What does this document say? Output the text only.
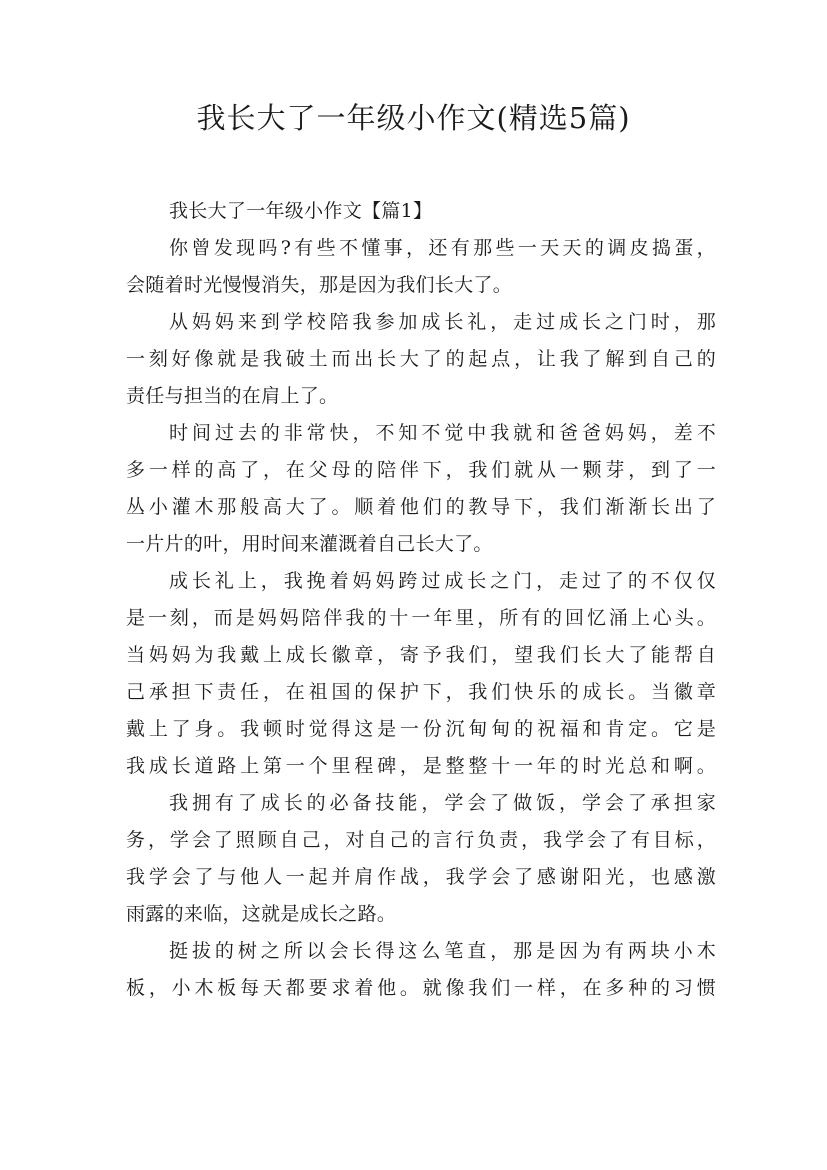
我长大了一年级小作文(精选5篇)
我长大了一年级小作文【篇1】
你曾发现吗?有些不懂事，还有那些一天天的调皮捣蛋，
会随着时光慢慢消失，那是因为我们长大了。
从妈妈来到学校陪我参加成长礼，走过成长之门时，那
一刻好像就是我破土而出长大了的起点，让我了解到自己的
责任与担当的在肩上了。
时间过去的非常快，不知不觉中我就和爸爸妈妈，差不
多一样的高了，在父母的陪伴下，我们就从一颗芽，到了一
丛小灌木那般高大了。顺着他们的教导下，我们渐渐长出了
一片片的叶，用时间来灌溉着自己长大了。
成长礼上，我挽着妈妈跨过成长之门，走过了的不仅仅
是一刻，而是妈妈陪伴我的十一年里，所有的回忆涌上心头。
当妈妈为我戴上成长徽章，寄予我们，望我们长大了能帮自
己承担下责任，在祖国的保护下，我们快乐的成长。当徽章
戴上了身。我顿时觉得这是一份沉甸甸的祝福和肯定。它是
我成长道路上第一个里程碑，是整整十一年的时光总和啊。
我拥有了成长的必备技能，学会了做饭，学会了承担家
务，学会了照顾自己，对自己的言行负责，我学会了有目标，
我学会了与他人一起并肩作战，我学会了感谢阳光，也感激
雨露的来临，这就是成长之路。
挺拔的树之所以会长得这么笔直，那是因为有两块小木
板，小木板每天都要求着他。就像我们一样，在多种的习惯
